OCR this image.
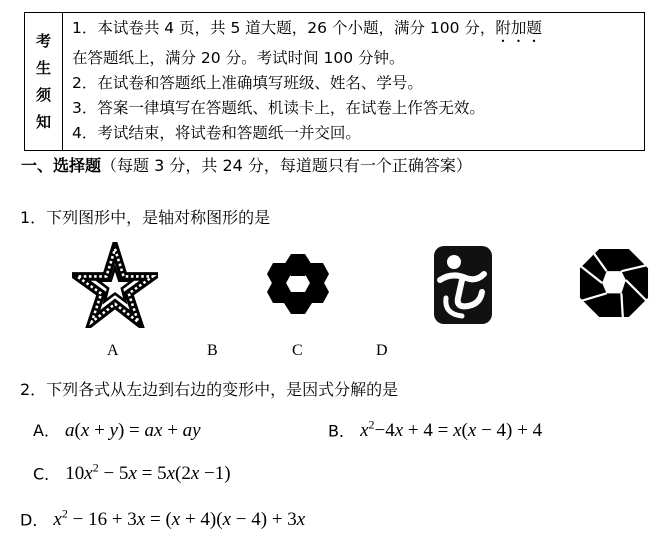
考
生
须
知
1．本试卷共 4 页，共 5 道大题，26 个小题，满分 100 分，附加题
在答题纸上，满分 20 分。考试时间 100 分钟。
2．在试卷和答题纸上准确填写班级、姓名、学号。
3．答案一律填写在答题纸、机读卡上，在试卷上作答无效。
4．考试结束，将试卷和答题纸一并交回。
一、选择题（每题 3 分，共 24 分，每道题只有一个正确答案）
1．下列图形中，是轴对称图形的是
A	B	C	D
2．下列各式从左边到右边的变形中，是因式分解的是
A． a(x + y) = ax + ay	B． $x^2-4x + 4 = x(x - 4) + 4$
C． $10x^2 - 5x = 5x(2x -1)$
D． $x^2 - 16 + 3x = (x + 4)(x - 4) + 3x$
